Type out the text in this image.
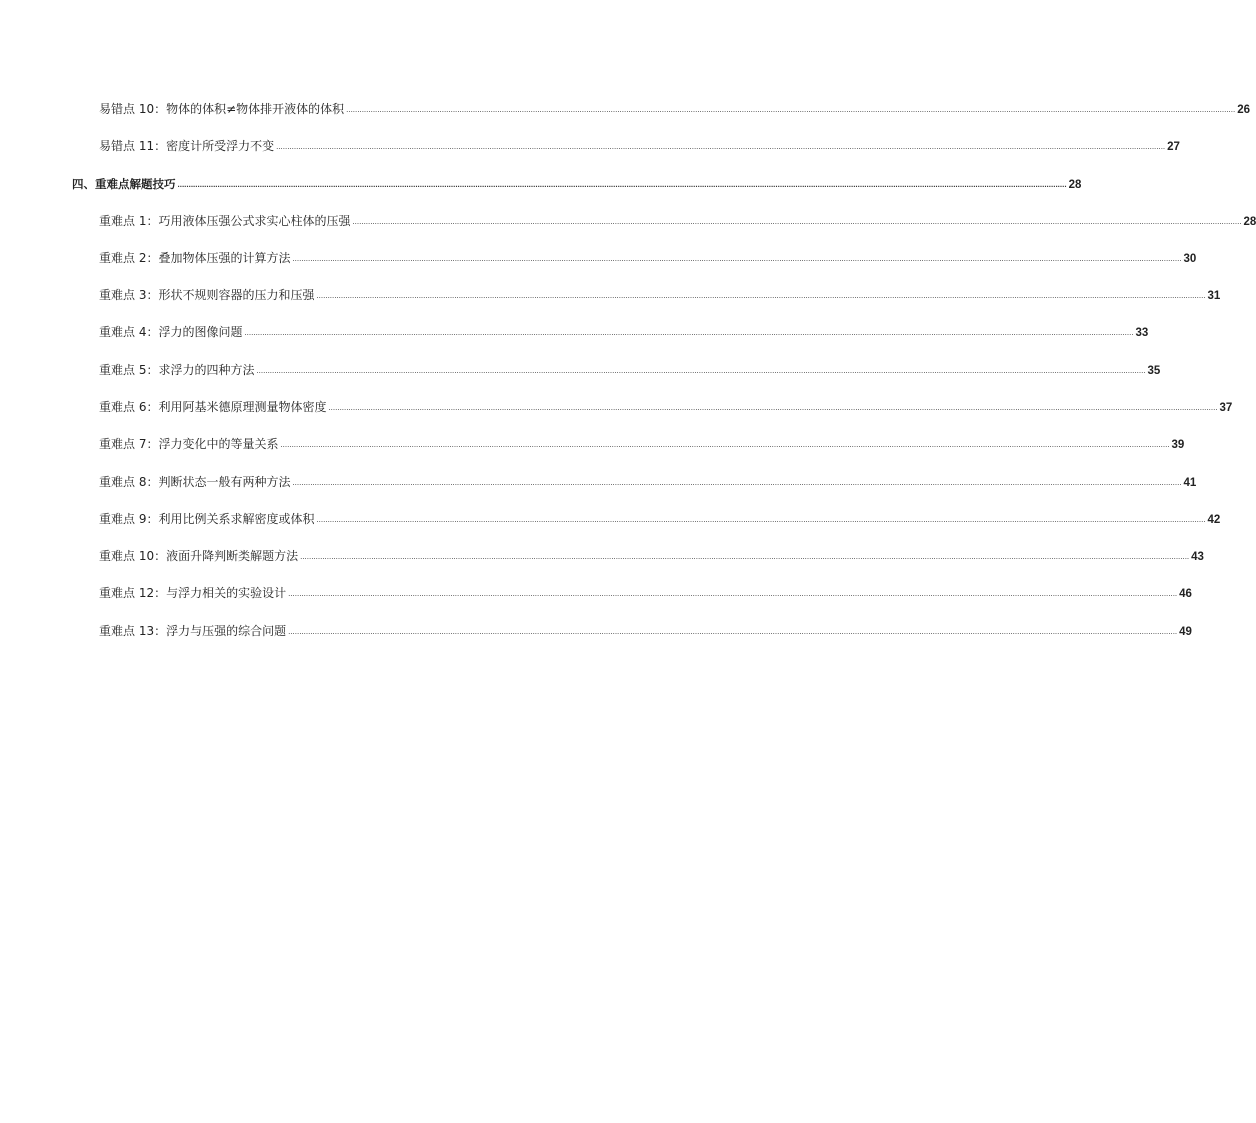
易错点 10：物体的体积≠物体排开液体的体积 ................................................................................................................................................................................................................................................................................................................................................................................................................ 26
易错点 11：密度计所受浮力不变 ................................................................................................................................................................................................................................................................................................................................................................................................................ 27
四、重难点解题技巧 ................................................................................................................................................................................................................................................................................................................................................................................................................ 28
重难点 1：巧用液体压强公式求实心柱体的压强 ................................................................................................................................................................................................................................................................................................................................................................................................................ 28
重难点 2：叠加物体压强的计算方法 ................................................................................................................................................................................................................................................................................................................................................................................................................ 30
重难点 3：形状不规则容器的压力和压强 ................................................................................................................................................................................................................................................................................................................................................................................................................ 31
重难点 4：浮力的图像问题 ................................................................................................................................................................................................................................................................................................................................................................................................................ 33
重难点 5：求浮力的四种方法 ................................................................................................................................................................................................................................................................................................................................................................................................................ 35
重难点 6：利用阿基米德原理测量物体密度 ................................................................................................................................................................................................................................................................................................................................................................................................................ 37
重难点 7：浮力变化中的等量关系 ................................................................................................................................................................................................................................................................................................................................................................................................................ 39
重难点 8：判断状态一般有两种方法 ................................................................................................................................................................................................................................................................................................................................................................................................................ 41
重难点 9：利用比例关系求解密度或体积 ................................................................................................................................................................................................................................................................................................................................................................................................................ 42
重难点 10：液面升降判断类解题方法 ................................................................................................................................................................................................................................................................................................................................................................................................................ 43
重难点 12：与浮力相关的实验设计 ................................................................................................................................................................................................................................................................................................................................................................................................................ 46
重难点 13：浮力与压强的综合问题 ................................................................................................................................................................................................................................................................................................................................................................................................................ 49
